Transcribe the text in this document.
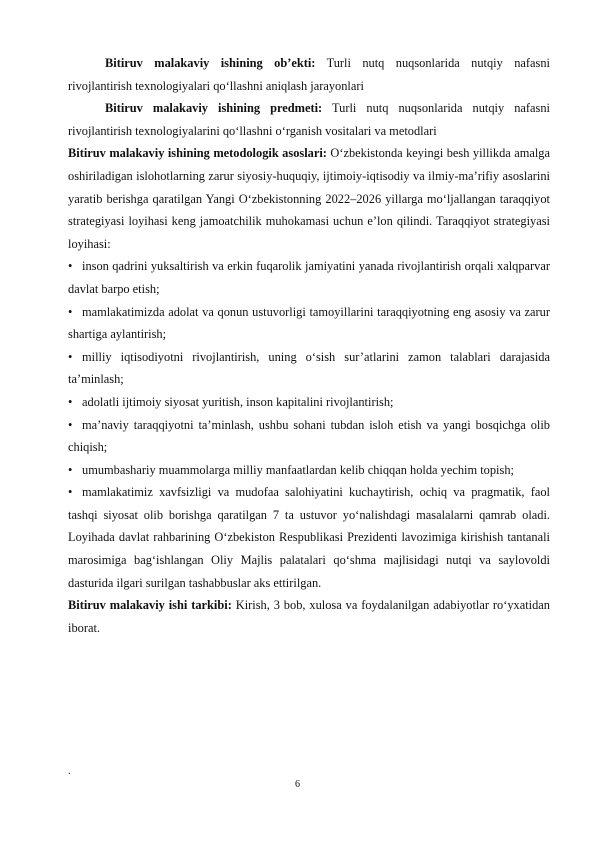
Bitiruv malakaviy ishining ob’ekti: Turli nutq nuqsonlarida nutqiy nafasni rivojlantirish texnologiyalari qo‘llashni aniqlash jarayonlari

Bitiruv malakaviy ishining predmeti: Turli nutq nuqsonlarida nutqiy nafasni rivojlantirish texnologiyalarini qo‘llashni o‘rganish vositalari va metodlari

Bitiruv malakaviy ishining metodologik asoslari: O‘zbekistonda keyingi besh yillikda amalga oshiriladigan islohotlarning zarur siyosiy-huquqiy, ijtimoiy-iqtisodiy va ilmiy-ma’rifiy asoslarini yaratib berishga qaratilgan Yangi O‘zbekistonning 2022–2026 yillarga mo‘ljallangan taraqqiyot strategiyasi loyihasi keng jamoatchilik muhokamasi uchun e’lon qilindi. Taraqqiyot strategiyasi loyihasi:

• inson qadrini yuksaltirish va erkin fuqarolik jamiyatini yanada rivojlantirish orqali xalqparvar davlat barpo etish;

• mamlakatimizda adolat va qonun ustuvorligi tamoyillarini taraqqiyotning eng asosiy va zarur shartiga aylantirish;

• milliy iqtisodiyotni rivojlantirish, uning o‘sish sur’atlarini zamon talablari darajasida ta’minlash;

• adolatli ijtimoiy siyosat yuritish, inson kapitalini rivojlantirish;

• ma’naviy taraqqiyotni ta’minlash, ushbu sohani tubdan isloh etish va yangi bosqichga olib chiqish;

• umumbashariy muammolarga milliy manfaatlardan kelib chiqqan holda yechim topish;

• mamlakatimiz xavfsizligi va mudofaa salohiyatini kuchaytirish, ochiq va pragmatik, faol tashqi siyosat olib borishga qaratilgan 7 ta ustuvor yo‘nalishdagi masalalarni qamrab oladi. Loyihada davlat rahbarining O‘zbekiston Respublikasi Prezidenti lavozimiga kirishish tantanali marosimiga bag‘ishlangan Oliy Majlis palatalari qo‘shma majlisidagi nutqi va saylovoldi dasturida ilgari surilgan tashabbuslar aks ettirilgan.

Bitiruv malakaviy ishi tarkibi: Kirish, 3 bob, xulosa va foydalanilgan adabiyotlar ro‘yxatidan iborat.

.
6
